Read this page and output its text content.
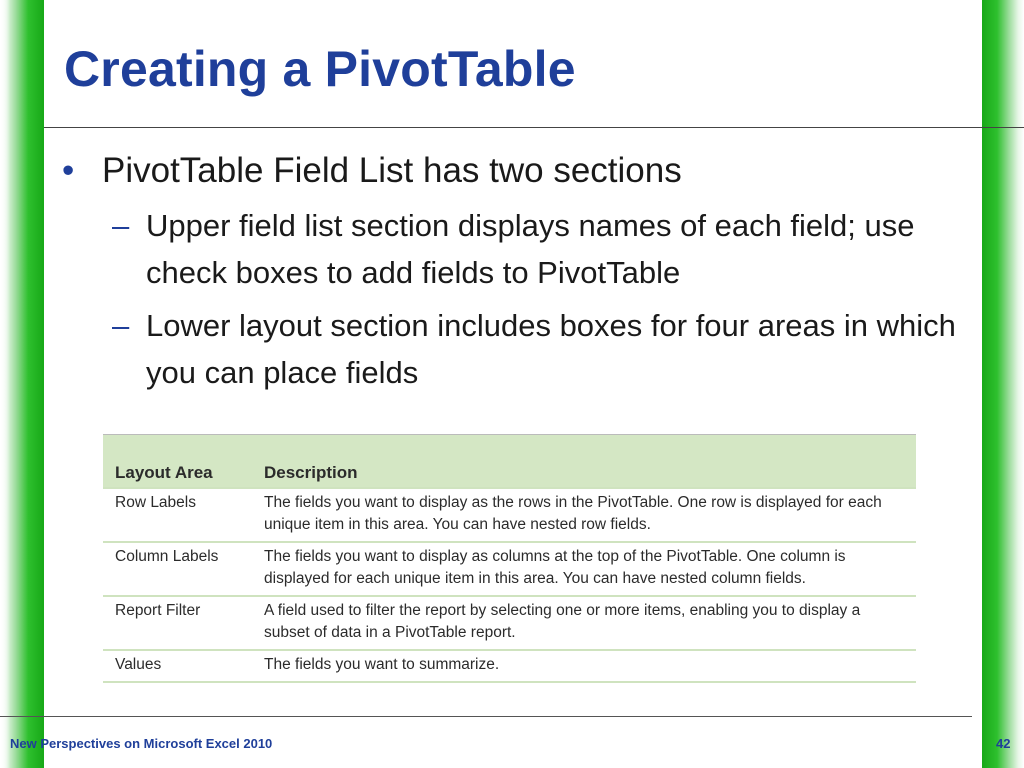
Creating a PivotTable
• PivotTable Field List has two sections
– Upper field list section displays names of each field; use check boxes to add fields to PivotTable
– Lower layout section includes boxes for four areas in which you can place fields
Layout Area	Description
Row Labels	The fields you want to display as the rows in the PivotTable. One row is displayed for each unique item in this area. You can have nested row fields.
Column Labels	The fields you want to display as columns at the top of the PivotTable. One column is displayed for each unique item in this area. You can have nested column fields.
Report Filter	A field used to filter the report by selecting one or more items, enabling you to display a subset of data in a PivotTable report.
Values	The fields you want to summarize.
New Perspectives on Microsoft Excel 2010	42
